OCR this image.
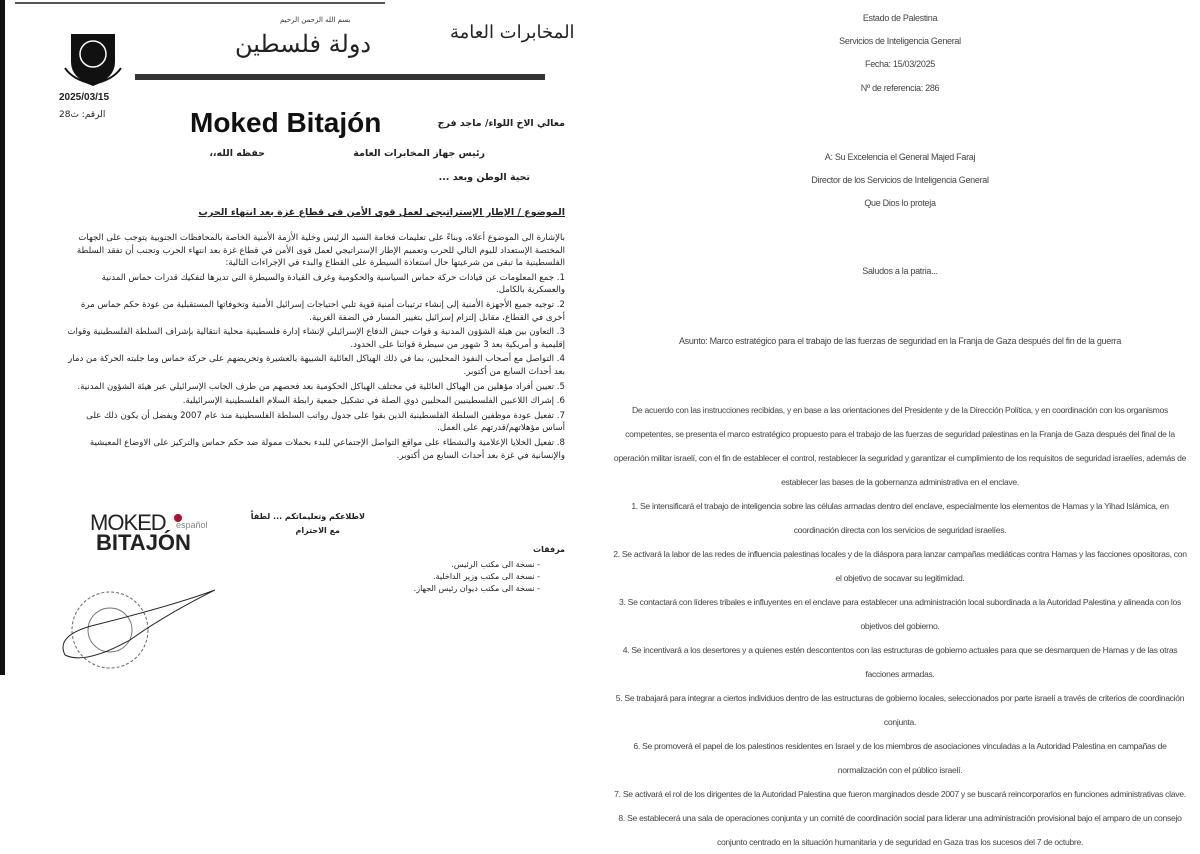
2025/03/15
الرقم: ث28
بسم الله الرحمن الرحيم
دولة فلسطين	المخابرات العامة
Moked Bitajón	معالي الاخ اللواء/ ماجد فرج
رئيس جهاز المخابرات العامة
حفظه الله،،
تحية الوطن وبعد ...
الموضوع / الإطار الإستراتيجي لعمل قوى الأمن في قطاع غزة بعد انتهاء الحرب

بالإشارة الى الموضوع أعلاه، وبناءً على تعليمات فخامة السيد الرئيس وخلية الأزمة الأمنية الخاصة بالمحافظات الجنوبية يتوجب على الجهات المختصة الإستعداد لليوم التالي للحرب وتعميم الإطار الإستراتيجي لعمل قوى الأمن في قطاع غزة بعد انتهاء الحرب وتجنب أن تفقد السلطة الفلسطينية ما تبقى من شرعيتها حال استعادة السيطرة على القطاع والبدء في الإجراءات التالية:

1. جمع المعلومات عن قيادات حركة حماس السياسية والحكومية وغرف القيادة والسيطرة التي تديرها لتفكيك قدرات حماس المدنية والعسكرية بالكامل.

2. توجيه جميع الأجهزة الأمنية إلى إنشاء ترتيبات أمنية قوية تلبي احتياجات إسرائيل الأمنية وتخوفاتها المستقبلية من عودة حكم حماس مرة أخرى في القطاع، مقابل إلتزام إسرائيل بتغيير المسار في الضفة الغربية.

3. التعاون بين هيئة الشؤون المدنية و قوات جيش الدفاع الإسرائيلي لإنشاء إدارة فلسطينية محلية انتقالية بإشراف السلطة الفلسطينية وقوات إقليمية و أمريكية بعد 3 شهور من سيطرة قواتنا على الحدود.

4. التواصل مع أصحاب النفوذ المحليين، بما في ذلك الهياكل العائلية الشبيهة بالعشيرة وتحريضهم على حركة حماس وما جلبته الحركة من دمار بعد أحداث السابع من أكتوبر.

5. تعيين أفراد مؤهلين من الهياكل العائلية في مختلف الهياكل الحكومية بعد فحصهم من طرف الجانب الإسرائيلي عبر هيئة الشؤون المدنية.

6. إشراك اللاعبين الفلسطينيين المحليين ذوي الصلة في تشكيل جمعية رابطة السلام الفلسطينية الإسرائيلية.

7. تفعيل عودة موظفين السلطة الفلسطينية الذين بقوا على جدول رواتب السلطة الفلسطينية منذ عام 2007 ويفضل أن يكون ذلك على أساس مؤهلاتهم/قدرتهم على العمل.

8. تفعيل الخلايا الإعلامية والنشطاء على مواقع التواصل الإجتماعي للبدء بحملات ممولة ضد حكم حماس والتركيز على الاوضاع المعيشية والإنسانية في غزة بعد أحداث السابع من أكتوبر.

MOKED español
BITAJÓN
لاطلاعكم وتعليماتكم ... لطفاً
مع الاحترام
مرفقات
- نسخة الى مكتب الرئيس.
- نسخة الى مكتب وزير الداخلية.
- نسخة الى مكتب ديوان رئيس الجهاز.
Estado de Palestina
Servicios de Inteligencia General
Fecha: 15/03/2025
Nº de referencia: 286
A: Su Excelencia el General Majed Faraj
Director de los Servicios de Inteligencia General
Que Dios lo proteja
Saludos a la patria...
Asunto: Marco estratégico para el trabajo de las fuerzas de seguridad en la Franja de Gaza después del fin de la guerra
De acuerdo con las instrucciones recibidas, y en base a las orientaciones del Presidente y de la Dirección Política, y en coordinación con los organismos competentes, se presenta el marco estratégico propuesto para el trabajo de las fuerzas de seguridad palestinas en la Franja de Gaza después del final de la operación militar israelí, con el fin de establecer el control, restablecer la seguridad y garantizar el cumplimiento de los requisitos de seguridad israelíes, además de establecer las bases de la gobernanza administrativa en el enclave.
1. Se intensificará el trabajo de inteligencia sobre las células armadas dentro del enclave, especialmente los elementos de Hamas y la Yihad Islámica, en coordinación directa con los servicios de seguridad israelíes.
2. Se activará la labor de las redes de influencia palestinas locales y de la diáspora para lanzar campañas mediáticas contra Hamas y las facciones opositoras, con el objetivo de socavar su legitimidad.
3. Se contactará con líderes tribales e influyentes en el enclave para establecer una administración local subordinada a la Autoridad Palestina y alineada con los objetivos del gobierno.
4. Se incentivará a los desertores y a quienes estén descontentos con las estructuras de gobierno actuales para que se desmarquen de Hamas y de las otras facciones armadas.
5. Se trabajará para integrar a ciertos individuos dentro de las estructuras de gobierno locales, seleccionados por parte israelí a través de criterios de coordinación conjunta.
6. Se promoverá el papel de los palestinos residentes en Israel y de los miembros de asociaciones vinculadas a la Autoridad Palestina en campañas de normalización con el público israelí.
7. Se activará el rol de los dirigentes de la Autoridad Palestina que fueron marginados desde 2007 y se buscará reincorporarlos en funciones administrativas clave.
8. Se establecerá una sala de operaciones conjunta y un comité de coordinación social para liderar una administración provisional bajo el amparo de un consejo conjunto centrado en la situación humanitaria y de seguridad en Gaza tras los sucesos del 7 de octubre.
